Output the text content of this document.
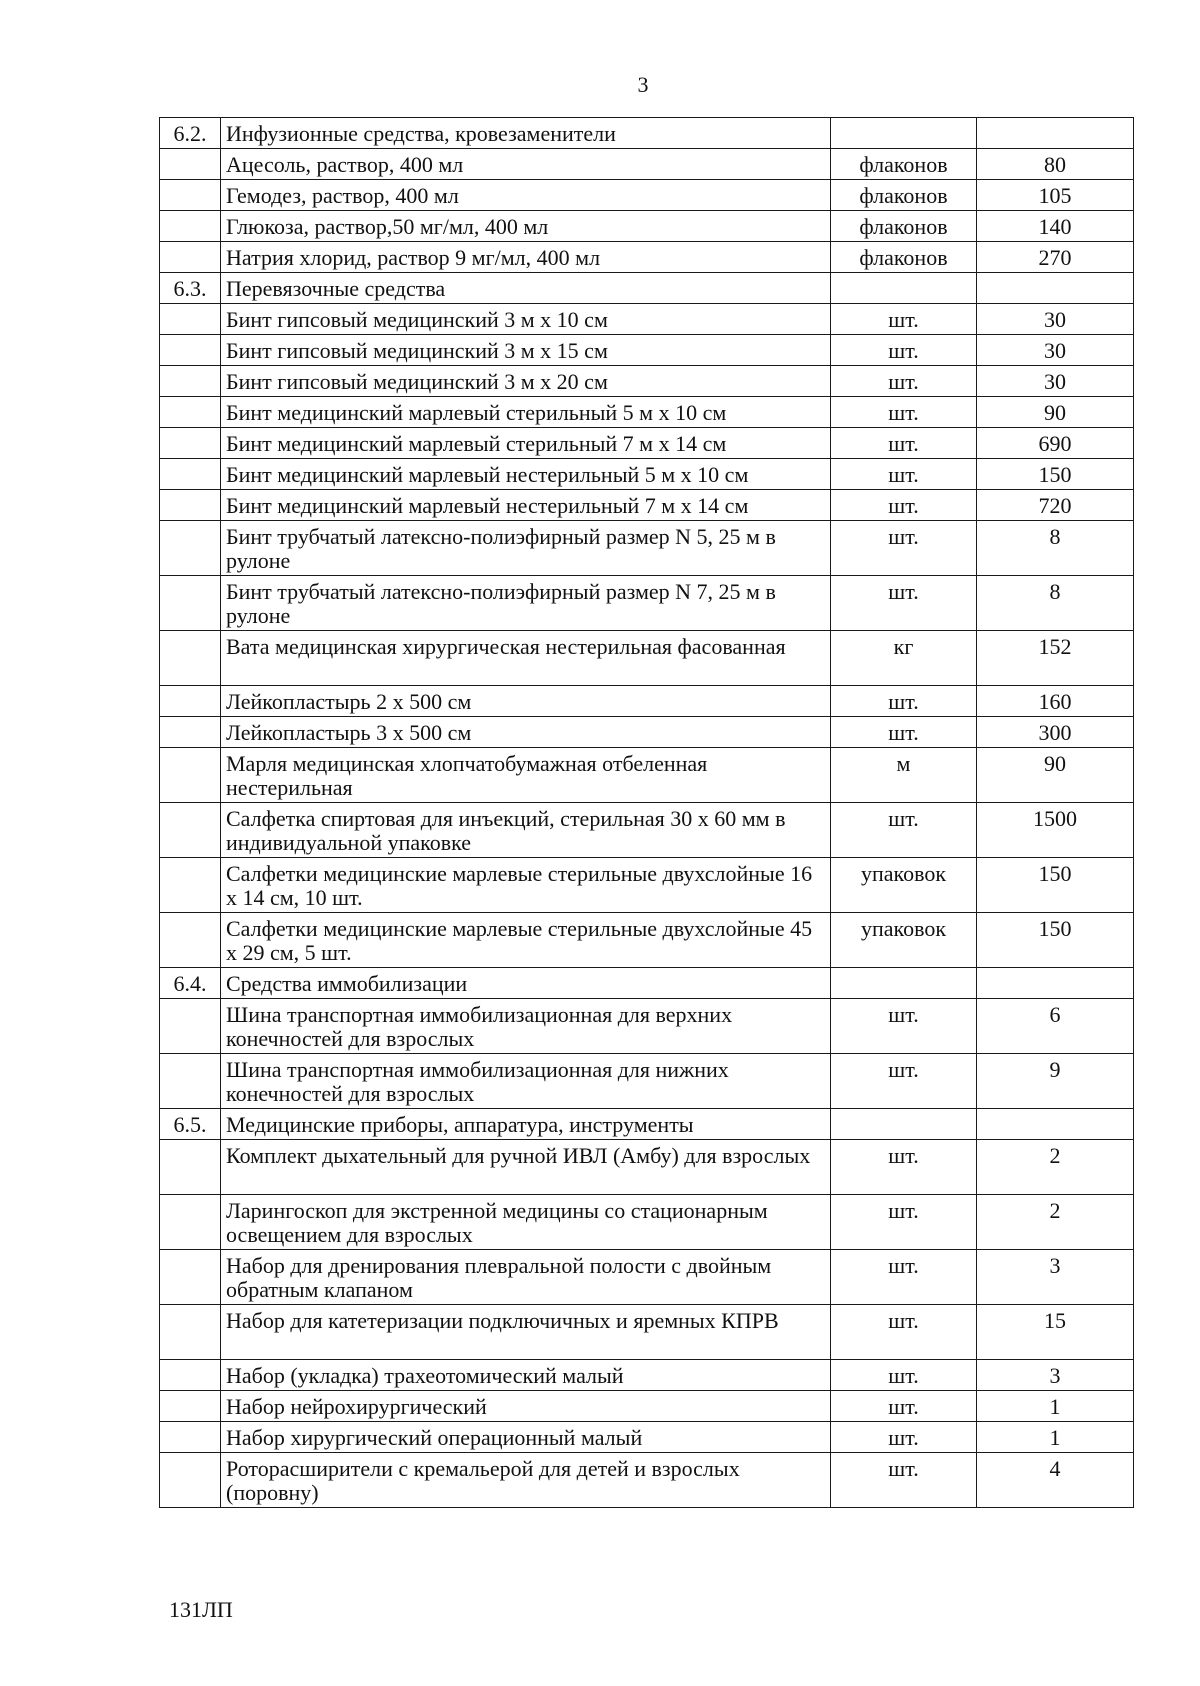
3
6.2.	Инфузионные средства, кровезаменители		
	Ацесоль, раствор, 400 мл	флаконов	80
	Гемодез, раствор, 400 мл	флаконов	105
	Глюкоза, раствор,50 мг/мл, 400 мл	флаконов	140
	Натрия хлорид, раствор 9 мг/мл, 400 мл	флаконов	270
6.3.	Перевязочные средства		
	Бинт гипсовый медицинский 3 м x 10 см	шт.	30
	Бинт гипсовый медицинский 3 м x 15 см	шт.	30
	Бинт гипсовый медицинский 3 м x 20 см	шт.	30
	Бинт медицинский марлевый стерильный 5 м x 10 см	шт.	90
	Бинт медицинский марлевый стерильный 7 м x 14 см	шт.	690
	Бинт медицинский марлевый нестерильный 5 м x 10 см	шт.	150
	Бинт медицинский марлевый нестерильный 7 м x 14 см	шт.	720
	Бинт трубчатый латексно-полиэфирный размер N 5, 25 м в рулоне	шт.	8
	Бинт трубчатый латексно-полиэфирный размер N 7, 25 м в рулоне	шт.	8
	Вата медицинская хирургическая нестерильная фасованная	кг	152
	Лейкопластырь 2 x 500 см	шт.	160
	Лейкопластырь 3 x 500 см	шт.	300
	Марля медицинская хлопчатобумажная отбеленная нестерильная	м	90
	Салфетка спиртовая для инъекций, стерильная 30 x 60 мм в индивидуальной упаковке	шт.	1500
	Салфетки медицинские марлевые стерильные двухслойные 16 x 14 см, 10 шт.	упаковок	150
	Салфетки медицинские марлевые стерильные двухслойные 45 x 29 см, 5 шт.	упаковок	150
6.4.	Средства иммобилизации		
	Шина транспортная иммобилизационная для верхних конечностей для взрослых	шт.	6
	Шина транспортная иммобилизационная для нижних конечностей для взрослых	шт.	9
6.5.	Медицинские приборы, аппаратура, инструменты		
	Комплект дыхательный для ручной ИВЛ (Амбу) для взрослых	шт.	2
	Ларингоскоп для экстренной медицины со стационарным освещением для взрослых	шт.	2
	Набор для дренирования плевральной полости с двойным обратным клапаном	шт.	3
	Набор для катетеризации подключичных и яремных КПРВ	шт.	15
	Набор (укладка) трахеотомический малый	шт.	3
	Набор нейрохирургический	шт.	1
	Набор хирургический операционный малый	шт.	1
	Роторасширители с кремальерой для детей и взрослых (поровну)	шт.	4
131ЛП
